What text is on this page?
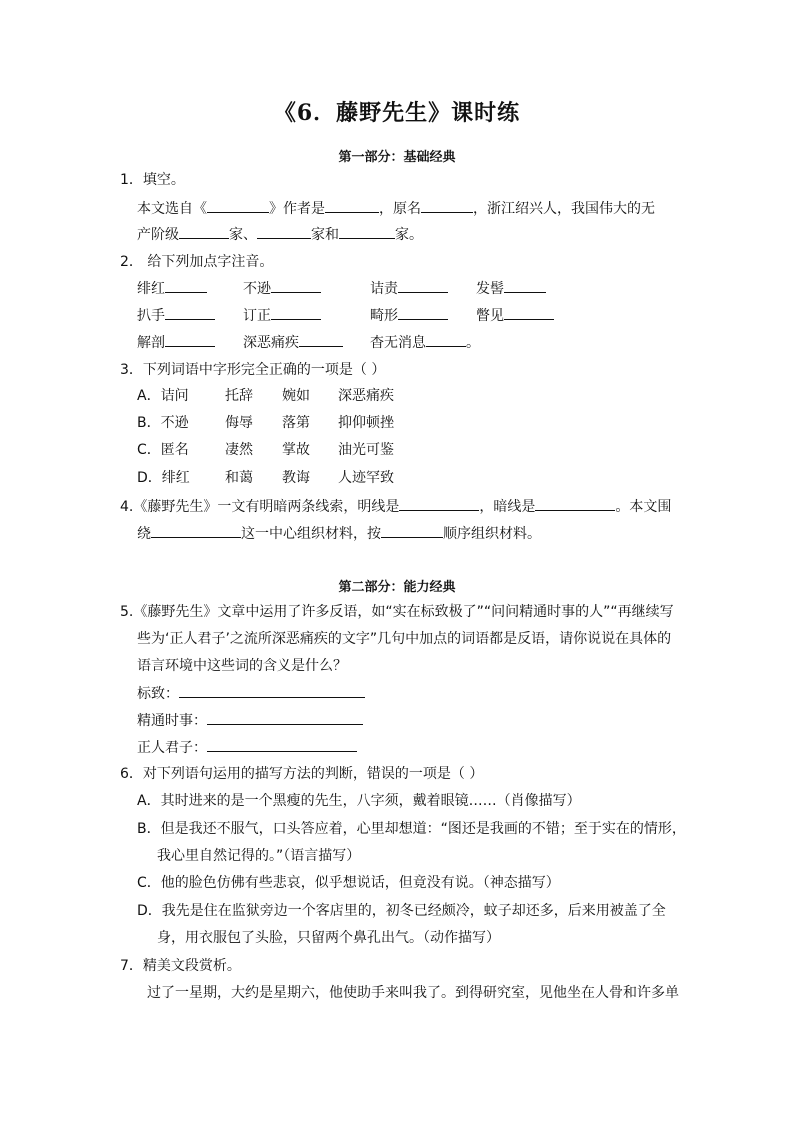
《6．藤野先生》课时练
第一部分：基础经典
1．填空。
本文选自《	》作者是	，原名	，浙江绍兴人，我国伟大的无
产阶级	家、	家和	家。
2． 给下列加点字注音。
绯红	不逊	诘责	发髻
扒手	订正	畸形	瞥见
解剖	深恶痛疾	杳无消息	。
3．下列词语中字形完全正确的一项是（ ）
A．诘问	托辞 婉如 深恶痛疾
B．不逊	侮辱 落第 抑仰顿挫
C．匿名	凄然 掌故 油光可鉴
D．绯红	和蔼 教诲 人迹罕致
4.《藤野先生》一文有明暗两条线索，明线是	，暗线是	。本文围
绕	这一中心组织材料，按	顺序组织材料。
第二部分：能力经典
5.《藤野先生》文章中运用了许多反语，如“实在标致极了”“问问精通时事的人”“再继续写
些为‘正人君子’之流所深恶痛疾的文字”几句中加点的词语都是反语，请你说说在具体的
语言环境中这些词的含义是什么？
标致：
精通时事：
正人君子：
6．对下列语句运用的描写方法的判断，错误的一项是（ ）
A．其时进来的是一个黑瘦的先生，八字须，戴着眼镜……（肖像描写）
B．但是我还不服气，口头答应着，心里却想道：“图还是我画的不错；至于实在的情形，
我心里自然记得的。”（语言描写）
C．他的脸色仿佛有些悲哀，似乎想说话，但竟没有说。（神态描写）
D．我先是住在监狱旁边一个客店里的，初冬已经颇冷，蚊子却还多，后来用被盖了全
身，用衣服包了头脸，只留两个鼻孔出气。（动作描写）
7．精美文段赏析。
过了一星期，大约是星期六，他使助手来叫我了。到得研究室，见他坐在人骨和许多单
